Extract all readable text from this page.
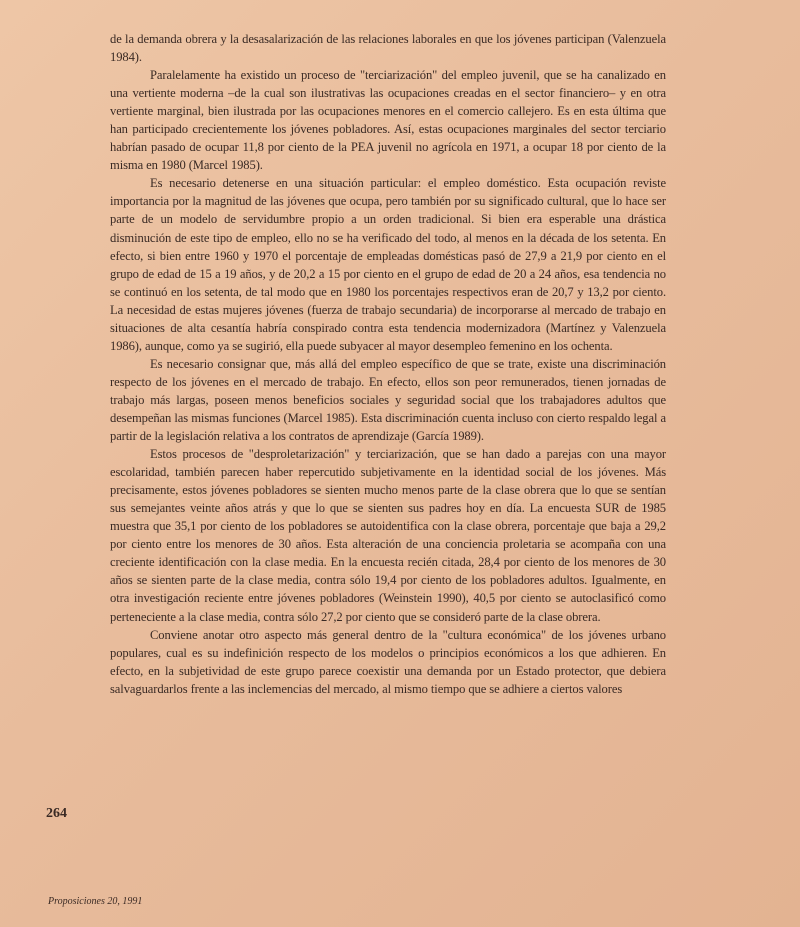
de la demanda obrera y la desasalarización de las relaciones laborales en que los jóvenes participan (Valenzuela 1984).

Paralelamente ha existido un proceso de "terciarización" del empleo juvenil, que se ha canalizado en una vertiente moderna –de la cual son ilustrativas las ocupaciones creadas en el sector financiero– y en otra vertiente marginal, bien ilustrada por las ocupaciones menores en el comercio callejero. Es en esta última que han participado crecientemente los jóvenes pobladores. Así, estas ocupaciones marginales del sector terciario habrían pasado de ocupar 11,8 por ciento de la PEA juvenil no agrícola en 1971, a ocupar 18 por ciento de la misma en 1980 (Marcel 1985).

Es necesario detenerse en una situación particular: el empleo doméstico. Esta ocupación reviste importancia por la magnitud de las jóvenes que ocupa, pero también por su significado cultural, que lo hace ser parte de un modelo de servidumbre propio a un orden tradicional. Si bien era esperable una drástica disminución de este tipo de empleo, ello no se ha verificado del todo, al menos en la década de los setenta. En efecto, si bien entre 1960 y 1970 el porcentaje de empleadas domésticas pasó de 27,9 a 21,9 por ciento en el grupo de edad de 15 a 19 años, y de 20,2 a 15 por ciento en el grupo de edad de 20 a 24 años, esa tendencia no se continuó en los setenta, de tal modo que en 1980 los porcentajes respectivos eran de 20,7 y 13,2 por ciento. La necesidad de estas mujeres jóvenes (fuerza de trabajo secundaria) de incorporarse al mercado de trabajo en situaciones de alta cesantía habría conspirado contra esta tendencia modernizadora (Martínez y Valenzuela 1986), aunque, como ya se sugirió, ella puede subyacer al mayor desempleo femenino en los ochenta.

Es necesario consignar que, más allá del empleo específico de que se trate, existe una discriminación respecto de los jóvenes en el mercado de trabajo. En efecto, ellos son peor remunerados, tienen jornadas de trabajo más largas, poseen menos beneficios sociales y seguridad social que los trabajadores adultos que desempeñan las mismas funciones (Marcel 1985). Esta discriminación cuenta incluso con cierto respaldo legal a partir de la legislación relativa a los contratos de aprendizaje (García 1989).

Estos procesos de "desproletarización" y terciarización, que se han dado a parejas con una mayor escolaridad, también parecen haber repercutido subjetivamente en la identidad social de los jóvenes. Más precisamente, estos jóvenes pobladores se sienten mucho menos parte de la clase obrera que lo que se sentían sus semejantes veinte años atrás y que lo que se sienten sus padres hoy en día. La encuesta SUR de 1985 muestra que 35,1 por ciento de los pobladores se autoidentifica con la clase obrera, porcentaje que baja a 29,2 por ciento entre los menores de 30 años. Esta alteración de una conciencia proletaria se acompaña con una creciente identificación con la clase media. En la encuesta recién citada, 28,4 por ciento de los menores de 30 años se sienten parte de la clase media, contra sólo 19,4 por ciento de los pobladores adultos. Igualmente, en otra investigación reciente entre jóvenes pobladores (Weinstein 1990), 40,5 por ciento se autoclasificó como perteneciente a la clase media, contra sólo 27,2 por ciento que se consideró parte de la clase obrera.

Conviene anotar otro aspecto más general dentro de la "cultura económica" de los jóvenes urbano populares, cual es su indefinición respecto de los modelos o principios económicos a los que adhieren. En efecto, en la subjetividad de este grupo parece coexistir una demanda por un Estado protector, que debiera salvaguardarlos frente a las inclemencias del mercado, al mismo tiempo que se adhiere a ciertos valores

264
Proposiciones 20, 1991
